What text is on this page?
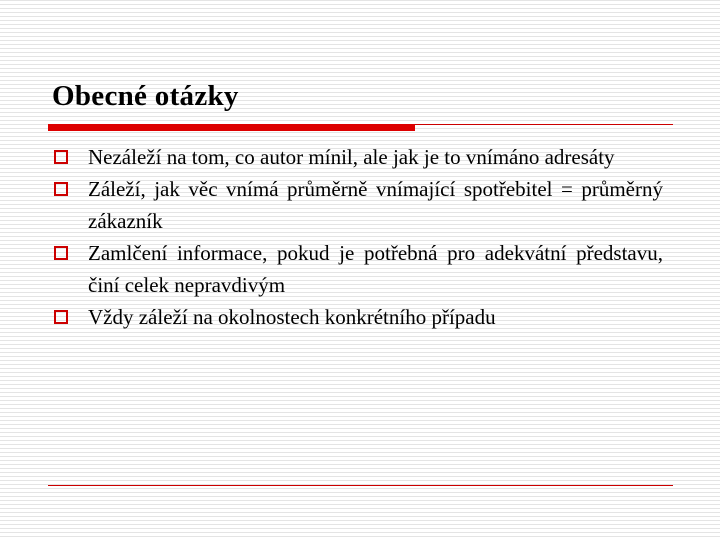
Obecné otázky
Nezáleží na tom, co autor mínil, ale jak je to vnímáno adresáty
Záleží, jak věc vnímá průměrně vnímající spotřebitel = průměrný zákazník
Zamlčení informace, pokud je potřebná pro adekvátní představu, činí celek nepravdivým
Vždy záleží na okolnostech konkrétního případu
